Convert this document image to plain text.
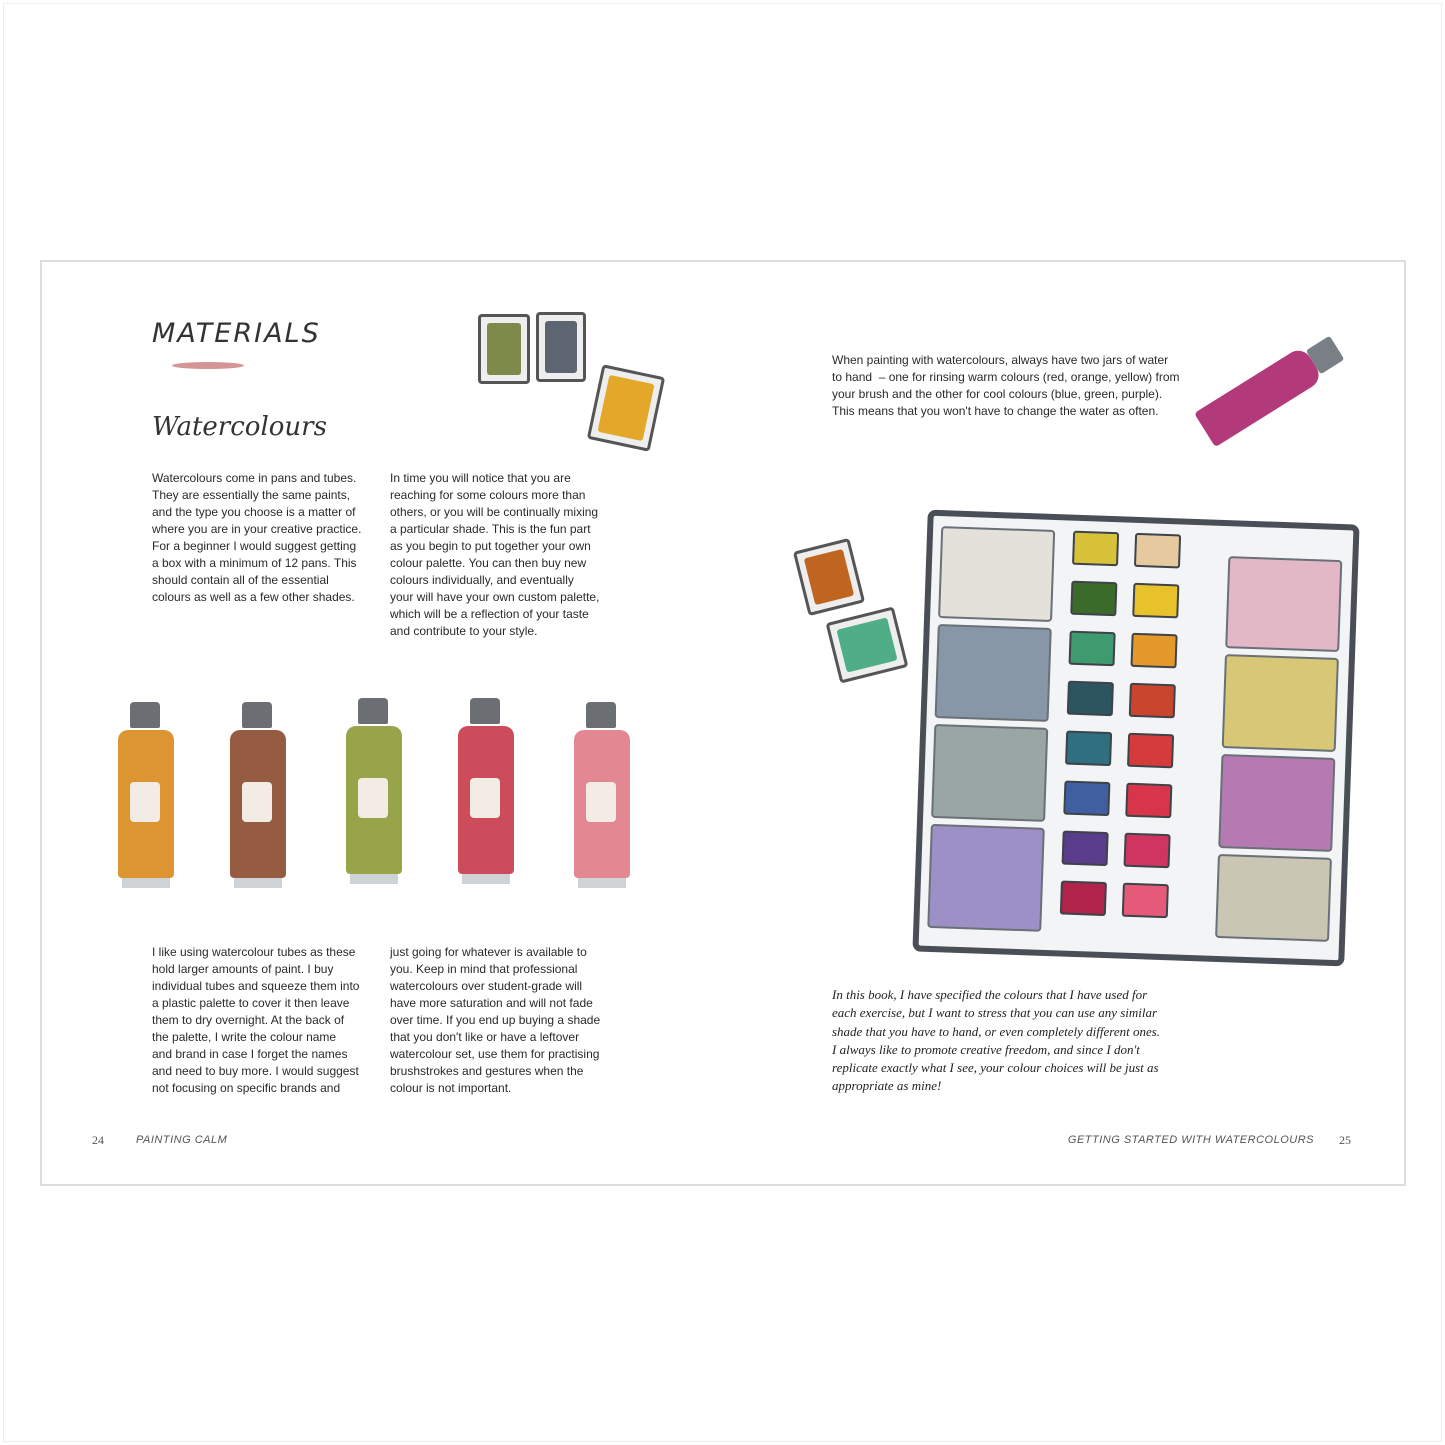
MATERIALS
Watercolours
Watercolours come in pans and tubes.
They are essentially the same paints,
and the type you choose is a matter of
where you are in your creative practice.
For a beginner I would suggest getting
a box with a minimum of 12 pans. This
should contain all of the essential
colours as well as a few other shades.
In time you will notice that you are
reaching for some colours more than
others, or you will be continually mixing
a particular shade. This is the fun part
as you begin to put together your own
colour palette. You can then buy new
colours individually, and eventually
your will have your own custom palette,
which will be a reflection of your taste
and contribute to your style.
I like using watercolour tubes as these
hold larger amounts of paint. I buy
individual tubes and squeeze them into
a plastic palette to cover it then leave
them to dry overnight. At the back of
the palette, I write the colour name
and brand in case I forget the names
and need to buy more. I would suggest
not focusing on specific brands and
just going for whatever is available to
you. Keep in mind that professional
watercolours over student-grade will
have more saturation and will not fade
over time. If you end up buying a shade
that you don't like or have a leftover
watercolour set, use them for practising
brushstrokes and gestures when the
colour is not important.
24	PAINTING CALM
When painting with watercolours, always have two jars of water
to hand  – one for rinsing warm colours (red, orange, yellow) from
your brush and the other for cool colours (blue, green, purple).
This means that you won't have to change the water as often.
In this book, I have specified the colours that I have used for
each exercise, but I want to stress that you can use any similar
shade that you have to hand, or even completely different ones.
I always like to promote creative freedom, and since I don't
replicate exactly what I see, your colour choices will be just as
appropriate as mine!
GETTING STARTED WITH WATERCOLOURS 25
